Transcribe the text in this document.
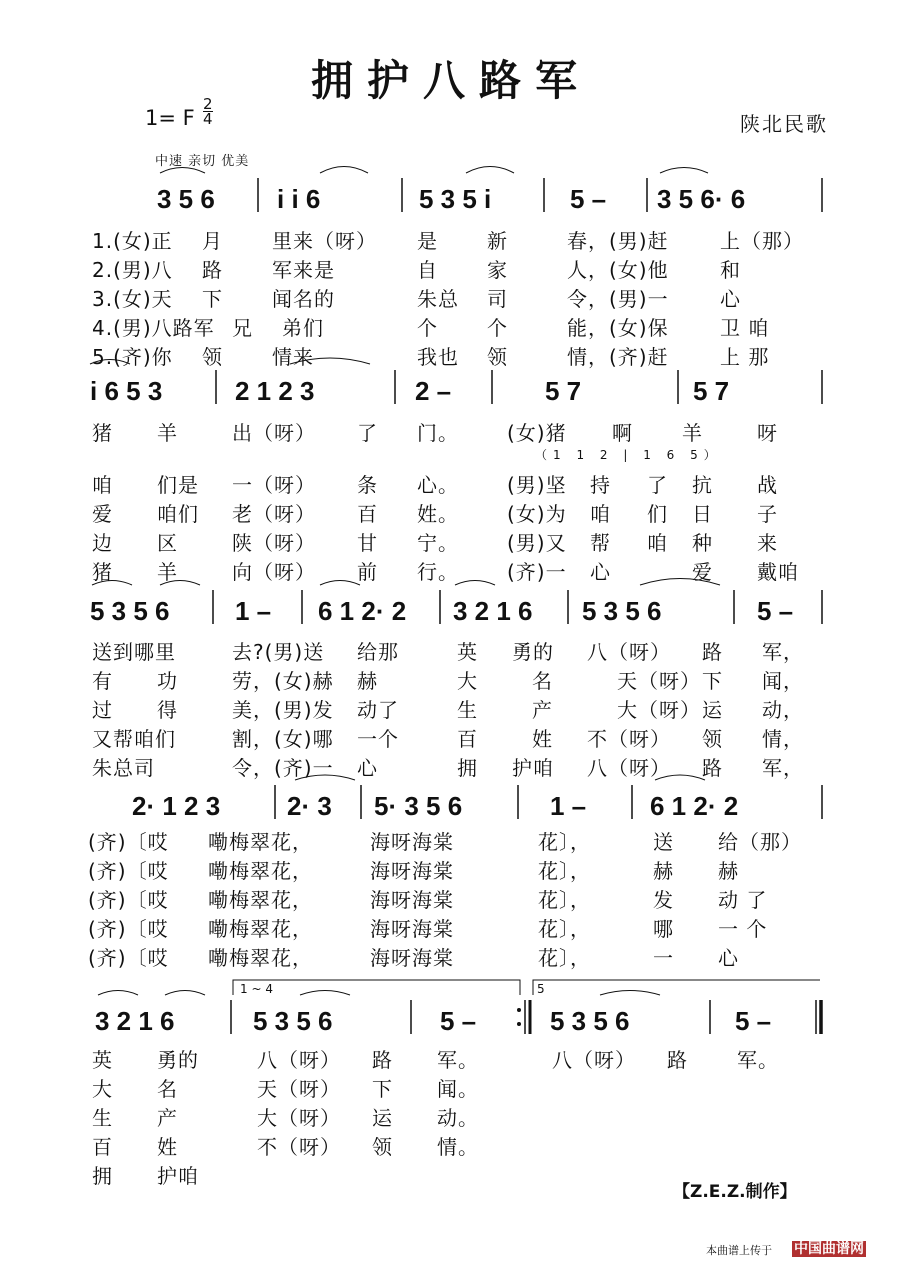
拥护八路军
1= F
2
4	陕北民歌
中速 亲切 优美
3 5 6 i i 6	5 3 5 i	5 – 3 5 6· 6
1.(女)正 月 里来（呀） 是 新	春，(男)赶	上（那）
2.(男)八 路 军来是	自 家	人，(女)他	和
3.(女)天 下 闻名的	朱总 司	令，(男)一	心
4.(男)八路军 兄 弟们	个 个	能，(女)保	卫 咱
5.(齐)你 领 情来	我也 领	情，(齐)赶	上 那
i 6 5 3	2 1 2 3	2 –	5 7	5 7
（1 1 2 | 1 6 5）
猪 羊	出（呀） 了 门。 (女)猪 啊 羊	呀
咱 们是 一（呀） 条 心。 (男)坚 持 了 抗 战
爱 咱们 老（呀） 百 姓。 (女)为 咱 们 日 子
边 区	陕（呀） 甘 宁。 (男)又 帮 咱 种 来
猪 羊	向（呀） 前 行。 (齐)一 心	爱 戴咱
5 3 5 6	1 – 6 1 2· 2 3 2 1 6 5 3 5 6	5 –
送到哪里	去?(男)送 给那	英 勇的 八（呀） 路 军，
有 功	劳，(女)赫 赫	大	名	天（呀） 下 闻，
过 得	美，(男)发 动了	生	产	大（呀） 运 动，
又帮咱们	割，(女)哪 一个	百	姓 不（呀） 领 情，
朱总司	令，(齐)一 心	拥 护咱 八（呀） 路 军，
2· 1 2 3	2· 3 5· 3 5 6	1 – 6 1 2· 2
(齐)〔哎 嘞梅翠花，	海呀海棠	花〕，	送 给（那）
(齐)〔哎 嘞梅翠花，	海呀海棠	花〕，	赫 赫
(齐)〔哎 嘞梅翠花，	海呀海棠	花〕，	发 动 了
(齐)〔哎 嘞梅翠花，	海呀海棠	花〕，	哪 一 个
(齐)〔哎 嘞梅翠花，	海呀海棠	花〕，	一 心
1 ~ 4	5
3 2 1 6	5 3 5 6	5 –	5 3 5 6	5 –
英 勇的	八（呀） 路 军。	八（呀） 路 军。
大 名	天（呀） 下 闻。
生 产	大（呀） 运 动。
百 姓	不（呀） 领 情。
拥 护咱
【Z.E.Z.制作】
本曲谱上传于 中国曲谱网
